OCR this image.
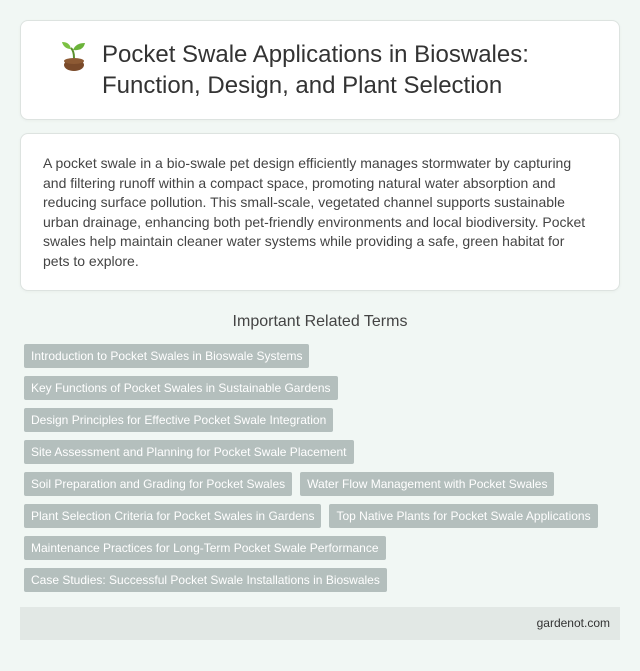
Pocket Swale Applications in Bioswales: Function, Design, and Plant Selection

A pocket swale in a bio-swale pet design efficiently manages stormwater by capturing and filtering runoff within a compact space, promoting natural water absorption and reducing surface pollution. This small-scale, vegetated channel supports sustainable urban drainage, enhancing both pet-friendly environments and local biodiversity. Pocket swales help maintain cleaner water systems while providing a safe, green habitat for pets to explore.

Important Related Terms
Introduction to Pocket Swales in Bioswale Systems
Key Functions of Pocket Swales in Sustainable Gardens
Design Principles for Effective Pocket Swale Integration
Site Assessment and Planning for Pocket Swale Placement
Soil Preparation and Grading for Pocket Swales	Water Flow Management with Pocket Swales
Plant Selection Criteria for Pocket Swales in Gardens	Top Native Plants for Pocket Swale Applications
Maintenance Practices for Long-Term Pocket Swale Performance
Case Studies: Successful Pocket Swale Installations in Bioswales
gardenot.com
